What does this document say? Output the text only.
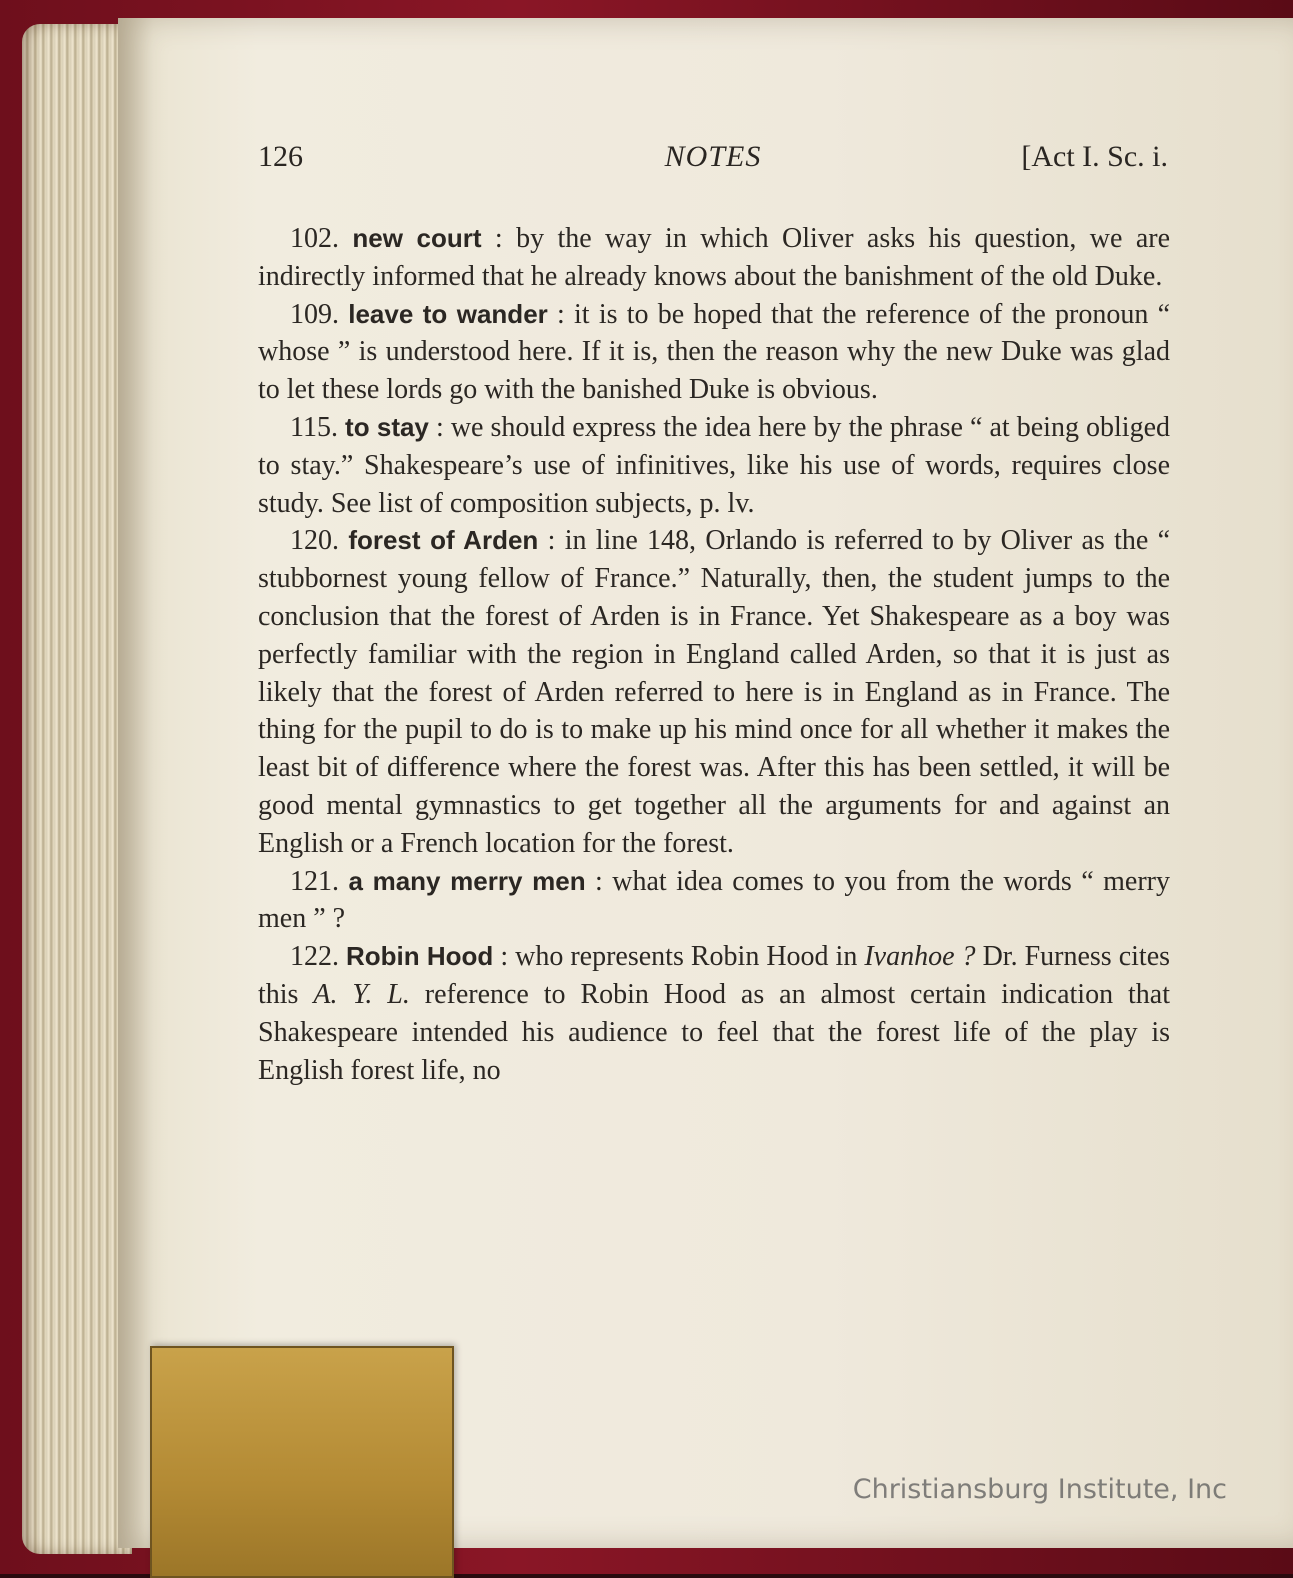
126	NOTES	[Act I. Sc. i.

102. new court : by the way in which Oliver asks his question, we are indirectly informed that he already knows about the banishment of the old Duke.

109. leave to wander : it is to be hoped that the reference of the pronoun “ whose ” is understood here. If it is, then the reason why the new Duke was glad to let these lords go with the banished Duke is obvious.

115. to stay : we should express the idea here by the phrase “ at being obliged to stay.” Shakespeare’s use of infinitives, like his use of words, requires close study. See list of composition subjects, p. lv.

120. forest of Arden : in line 148, Orlando is referred to by Oliver as the “ stubbornest young fellow of France.” Naturally, then, the student jumps to the conclusion that the forest of Arden is in France. Yet Shakespeare as a boy was perfectly familiar with the region in England called Arden, so that it is just as likely that the forest of Arden referred to here is in England as in France. The thing for the pupil to do is to make up his mind once for all whether it makes the least bit of difference where the forest was. After this has been settled, it will be good mental gymnastics to get together all the arguments for and against an English or a French location for the forest.

121. a many merry men : what idea comes to you from the words “ merry men ” ?

122. Robin Hood : who represents Robin Hood in Ivanhoe ? Dr. Furness cites this A. Y. L. reference to Robin Hood as an almost certain indication that Shakespeare intended his audience to feel that the forest life of the play is English forest life, no

Christiansburg Institute, Inc
